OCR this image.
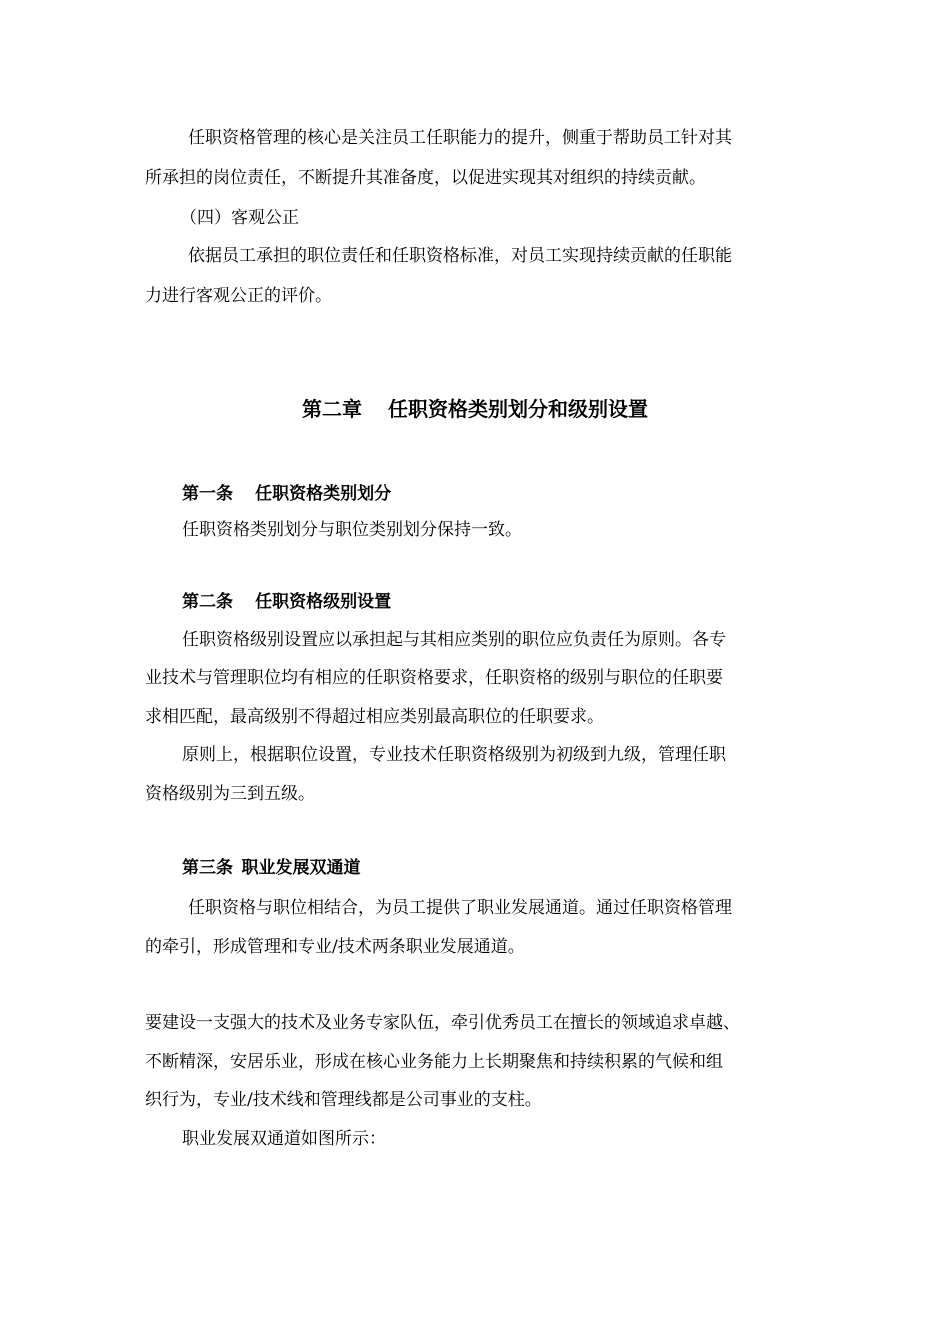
任职资格管理的核心是关注员工任职能力的提升，侧重于帮助员工针对其

所承担的岗位责任，不断提升其准备度，以促进实现其对组织的持续贡献。

（四）客观公正

依据员工承担的职位责任和任职资格标准，对员工实现持续贡献的任职能

力进行客观公正的评价。

第二章 任职资格类别划分和级别设置

第一条 任职资格类别划分

任职资格类别划分与职位类别划分保持一致。

第二条 任职资格级别设置

任职资格级别设置应以承担起与其相应类别的职位应负责任为原则。各专

业技术与管理职位均有相应的任职资格要求，任职资格的级别与职位的任职要

求相匹配，最高级别不得超过相应类别最高职位的任职要求。

原则上，根据职位设置，专业技术任职资格级别为初级到九级，管理任职

资格级别为三到五级。

第三条 职业发展双通道

任职资格与职位相结合，为员工提供了职业发展通道。通过任职资格管理

的牵引，形成管理和专业/技术两条职业发展通道。

要建设一支强大的技术及业务专家队伍，牵引优秀员工在擅长的领域追求卓越、

不断精深，安居乐业，形成在核心业务能力上长期聚焦和持续积累的气候和组

织行为，专业/技术线和管理线都是公司事业的支柱。

职业发展双通道如图所示：
